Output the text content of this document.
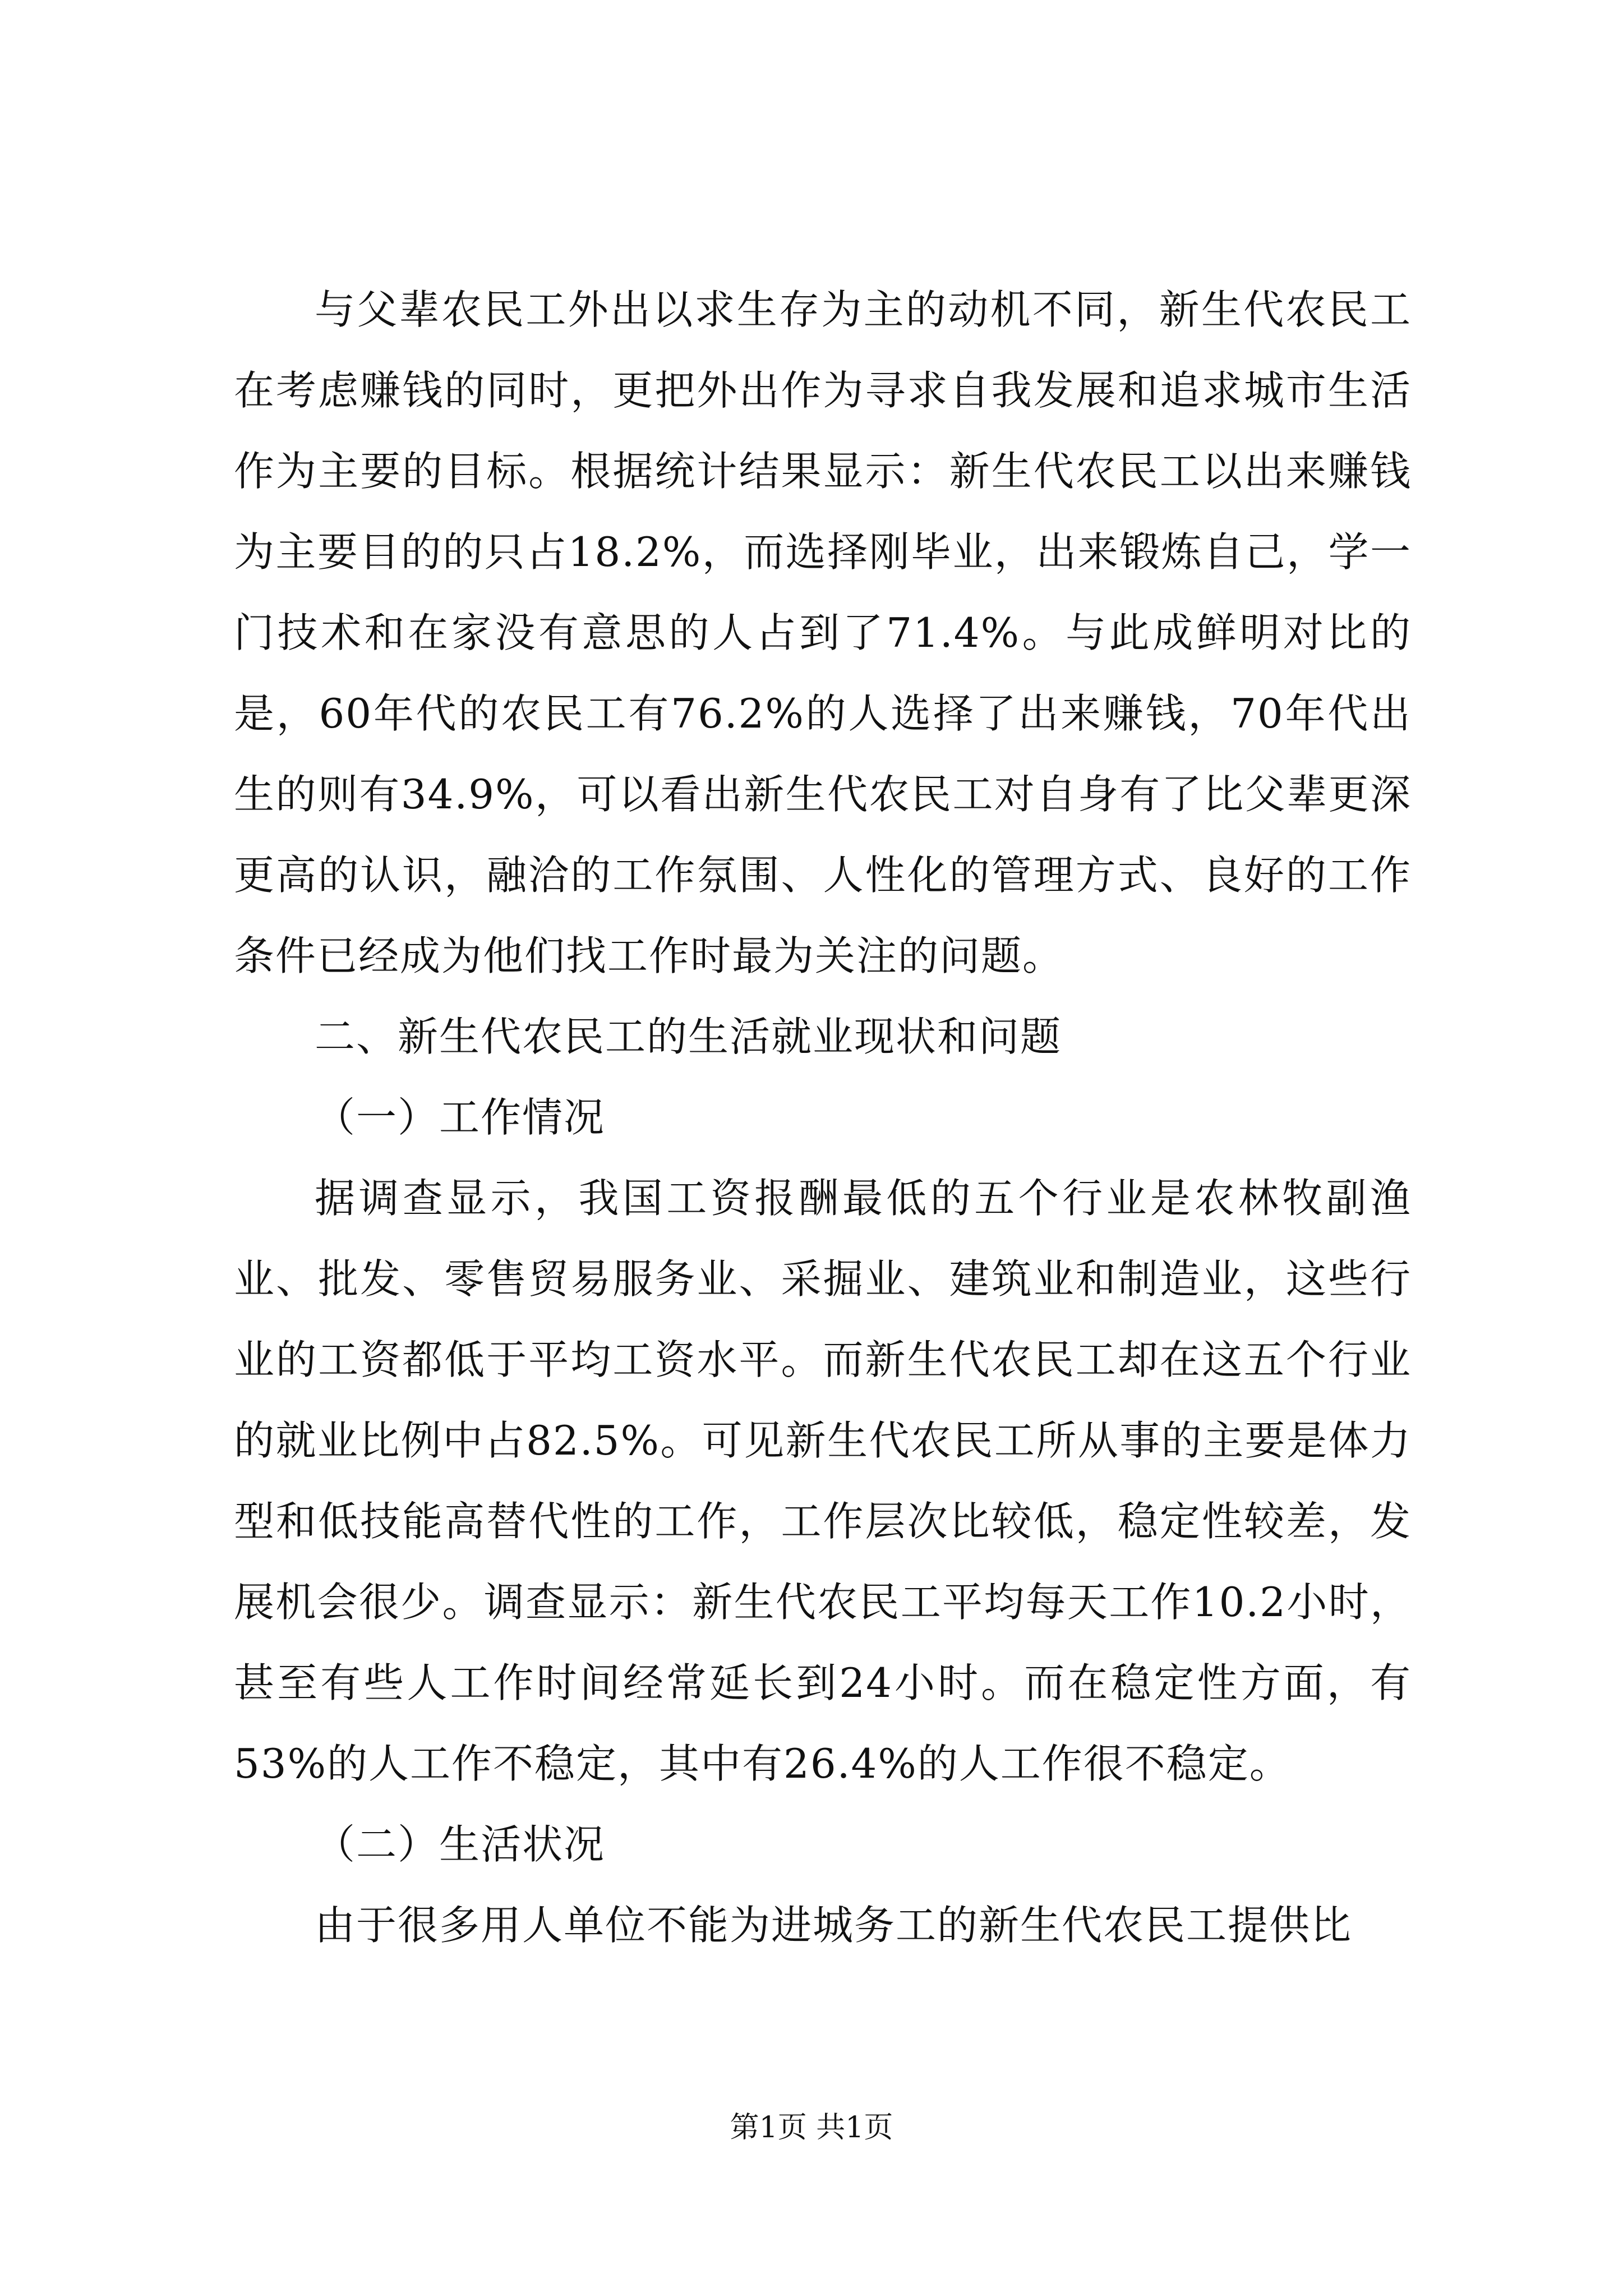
与父辈农民工外出以求生存为主的动机不同，新生代农民工在考虑赚钱的同时，更把外出作为寻求自我发展和追求城市生活作为主要的目标。根据统计结果显示：新生代农民工以出来赚钱为主要目的的只占18.2%，而选择刚毕业，出来锻炼自己，学一门技术和在家没有意思的人占到了71.4%。与此成鲜明对比的是，60年代的农民工有76.2%的人选择了出来赚钱，70年代出生的则有34.9%，可以看出新生代农民工对自身有了比父辈更深更高的认识，融洽的工作氛围、人性化的管理方式、良好的工作条件已经成为他们找工作时最为关注的问题。

二、新生代农民工的生活就业现状和问题

（一）工作情况

据调查显示，我国工资报酬最低的五个行业是农林牧副渔业、批发、零售贸易服务业、采掘业、建筑业和制造业，这些行业的工资都低于平均工资水平。而新生代农民工却在这五个行业的就业比例中占82.5%。可见新生代农民工所从事的主要是体力型和低技能高替代性的工作，工作层次比较低，稳定性较差，发展机会很少。调查显示：新生代农民工平均每天工作10.2小时，甚至有些人工作时间经常延长到24小时。而在稳定性方面，有53%的人工作不稳定，其中有26.4%的人工作很不稳定。

（二）生活状况

由于很多用人单位不能为进城务工的新生代农民工提供比

第1页 共1页
